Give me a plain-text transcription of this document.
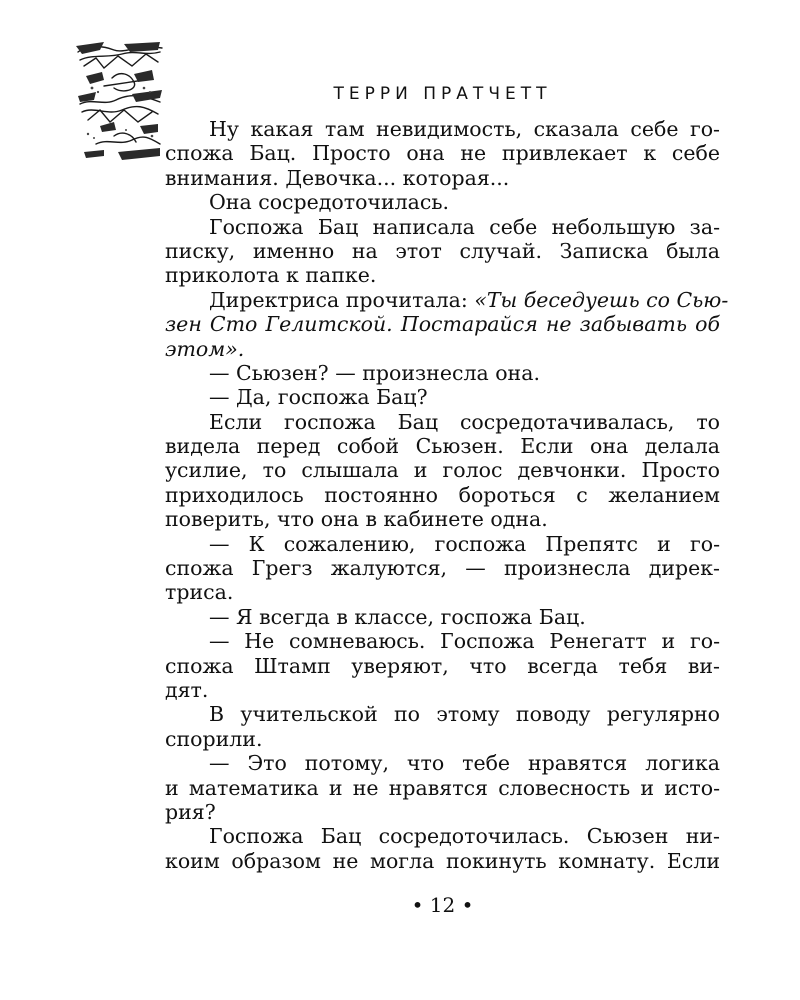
ТЕРРИ ПРАТЧЕТТ
Ну какая там невидимость, сказала себе го-
спожа Бац. Просто она не привлекает к себе
внимания. Девочка... которая...
Она сосредоточилась.
Госпожа Бац написала себе небольшую за-
писку, именно на этот случай. Записка была
приколота к папке.
Директриса прочитала: «Ты беседуешь со Сью-
зен Сто Гелитской. Постарайся не забывать об
этом».
— Сьюзен? — произнесла она.
— Да, госпожа Бац?
Если госпожа Бац сосредотачивалась, то
видела перед собой Сьюзен. Если она делала
усилие, то слышала и голос девчонки. Просто
приходилось постоянно бороться с желанием
поверить, что она в кабинете одна.
— К сожалению, госпожа Препятс и го-
спожа Грегз жалуются, — произнесла дирек-
триса.
— Я всегда в классе, госпожа Бац.
— Не сомневаюсь. Госпожа Ренегатт и го-
спожа Штамп уверяют, что всегда тебя ви-
дят.
В учительской по этому поводу регулярно
спорили.
— Это потому, что тебе нравятся логика
и математика и не нравятся словесность и исто-
рия?
Госпожа Бац сосредоточилась. Сьюзен ни-
коим образом не могла покинуть комнату. Если
• 12 •
